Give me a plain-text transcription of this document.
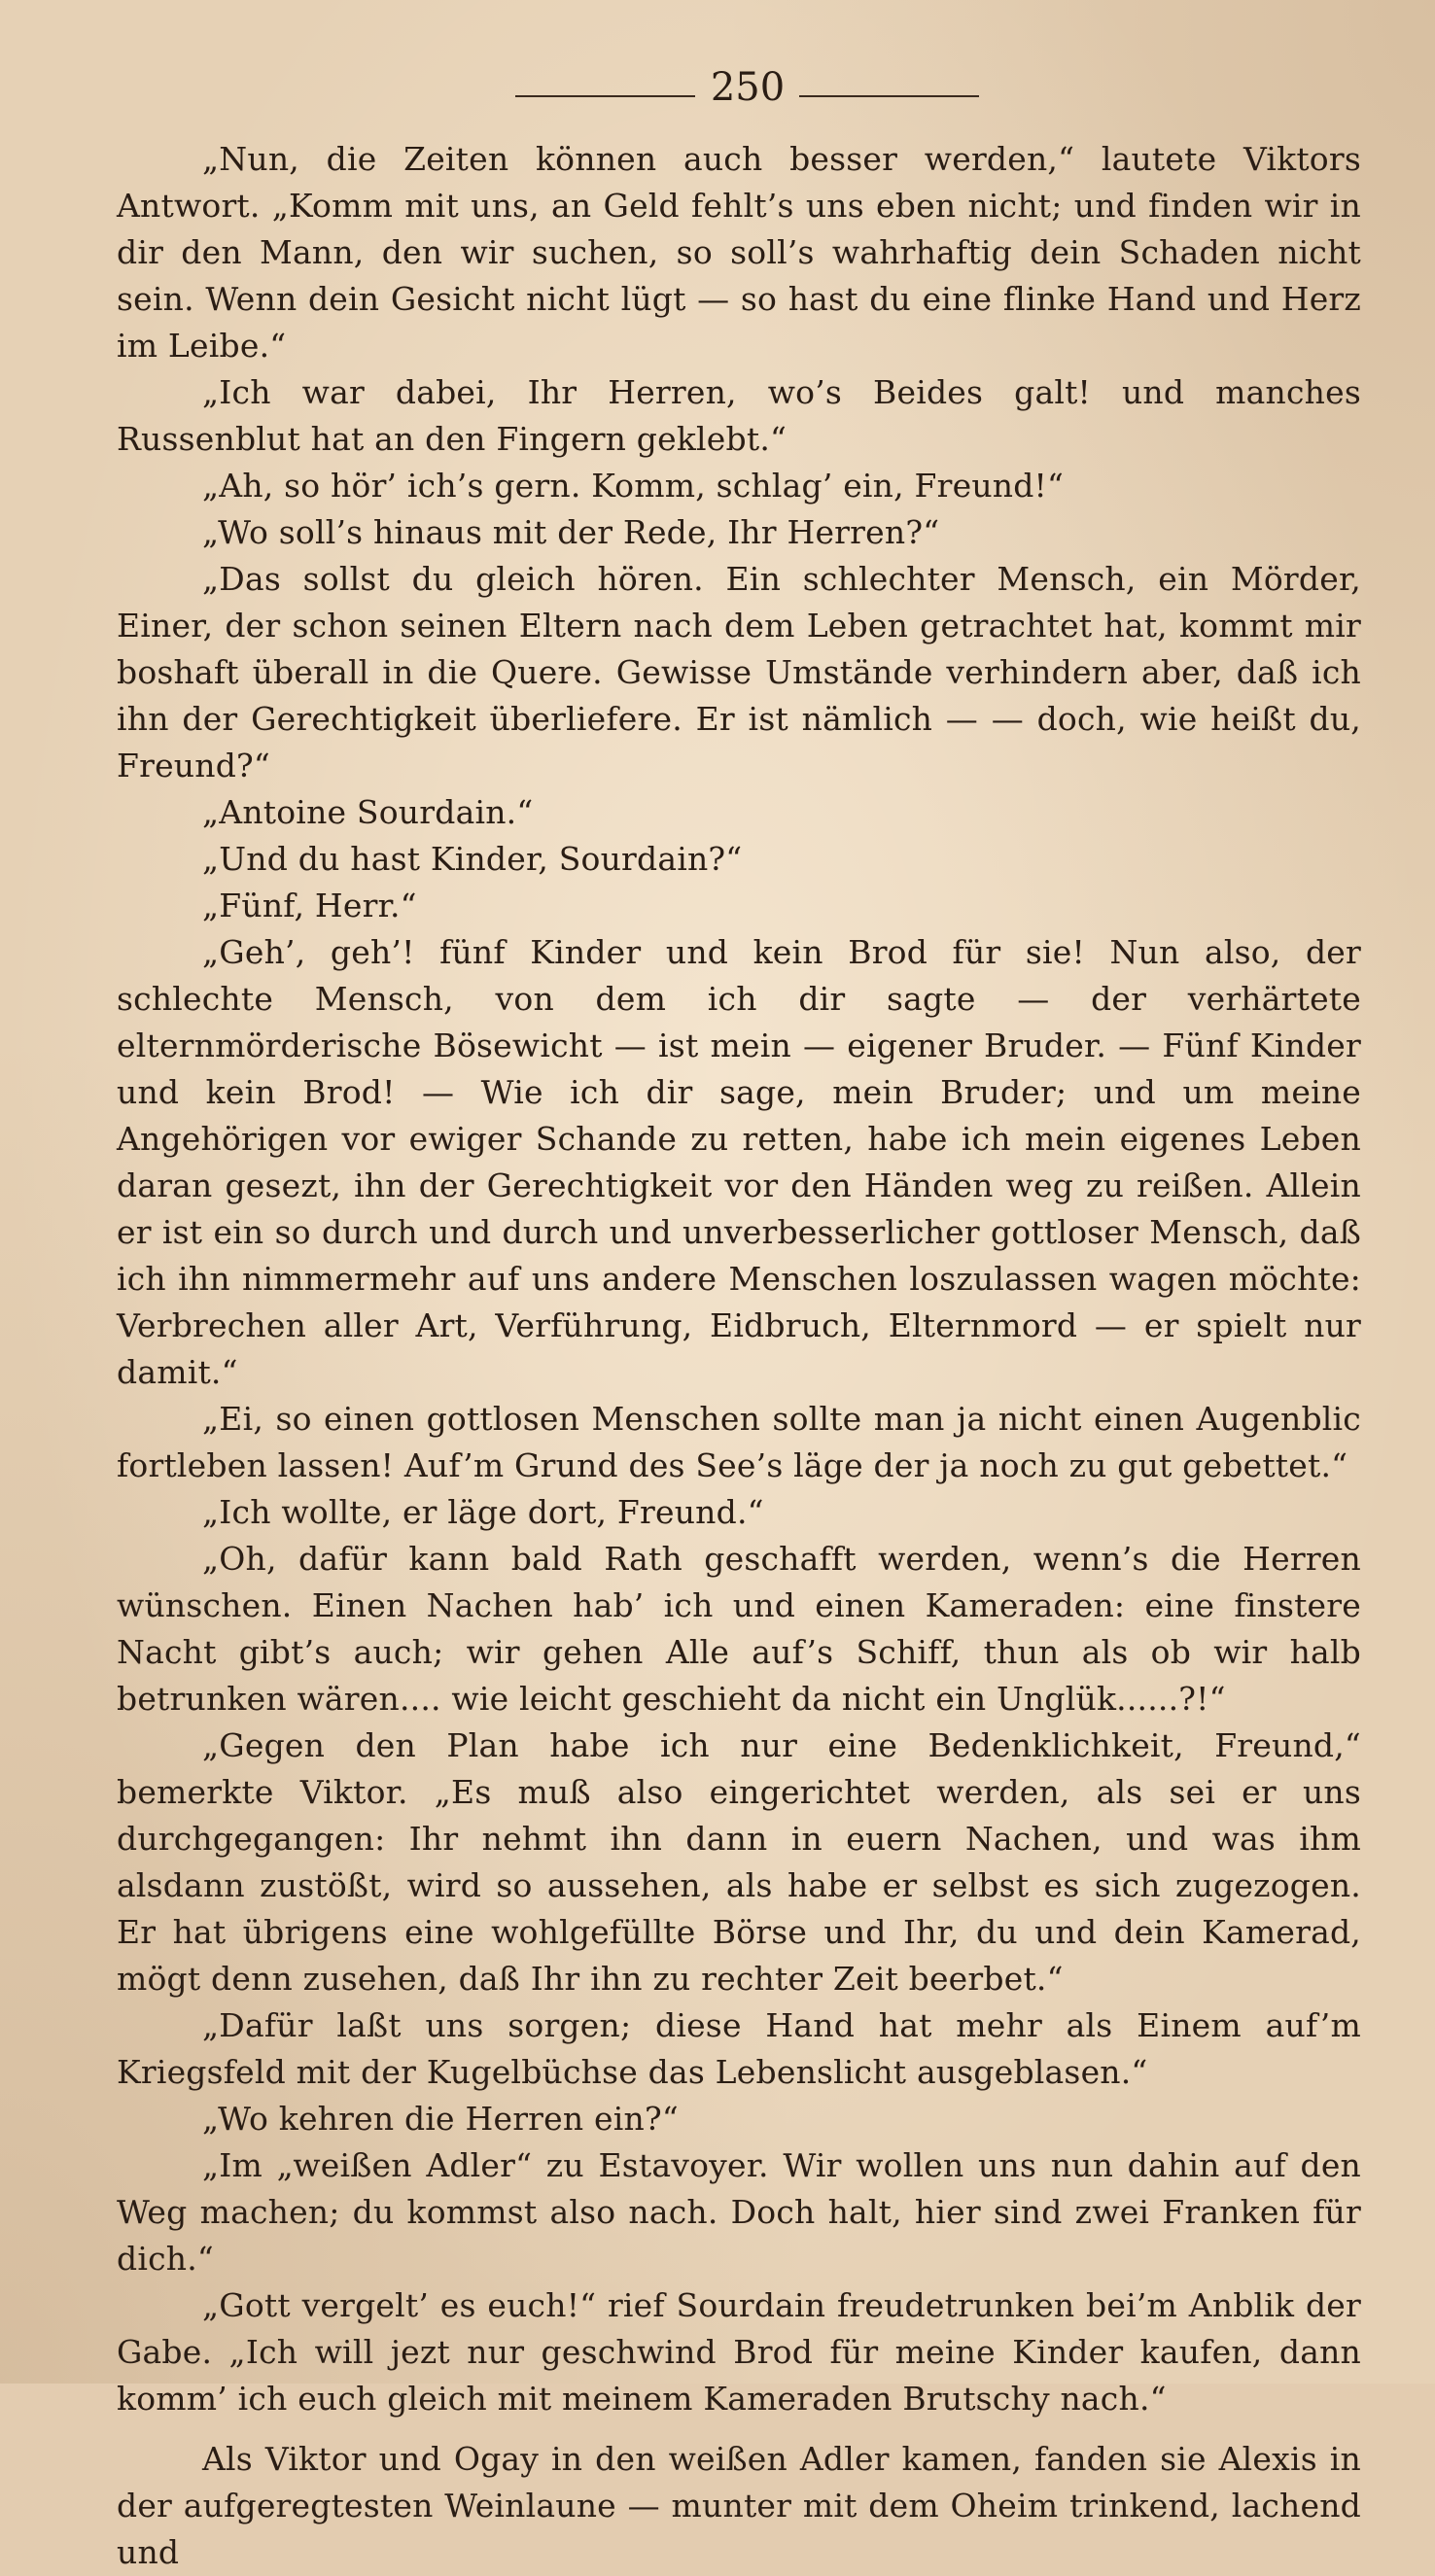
250

„Nun, die Zeiten können auch besser werden,“ lautete Viktors Antwort. „Komm mit uns, an Geld fehlt’s uns eben nicht; und finden wir in dir den Mann, den wir suchen, so soll’s wahrhaftig dein Schaden nicht sein. Wenn dein Gesicht nicht lügt — so hast du eine flinke Hand und Herz im Leibe.“

„Ich war dabei, Ihr Herren, wo’s Beides galt! und manches Russenblut hat an den Fingern geklebt.“

„Ah, so hör’ ich’s gern. Komm, schlag’ ein, Freund!“

„Wo soll’s hinaus mit der Rede, Ihr Herren?“

„Das sollst du gleich hören. Ein schlechter Mensch, ein Mörder, Einer, der schon seinen Eltern nach dem Leben getrachtet hat, kommt mir boshaft überall in die Quere. Gewisse Umstände verhindern aber, daß ich ihn der Gerechtigkeit überliefere. Er ist nämlich — — doch, wie heißt du, Freund?“

„Antoine Sourdain.“

„Und du hast Kinder, Sourdain?“

„Fünf, Herr.“

„Geh’, geh’! fünf Kinder und kein Brod für sie! Nun also, der schlechte Mensch, von dem ich dir sagte — der verhärtete elternmörderische Bösewicht — ist mein — eigener Bruder. — Fünf Kinder und kein Brod! — Wie ich dir sage, mein Bruder; und um meine Angehörigen vor ewiger Schande zu retten, habe ich mein eigenes Leben daran gesezt, ihn der Gerechtigkeit vor den Händen weg zu reißen. Allein er ist ein so durch und durch und unverbesserlicher gottloser Mensch, daß ich ihn nimmermehr auf uns andere Menschen loszulassen wagen möchte: Verbrechen aller Art, Verführung, Eidbruch, Elternmord — er spielt nur damit.“

„Ei, so einen gottlosen Menschen sollte man ja nicht einen Augenblic fortleben lassen! Auf’m Grund des See’s läge der ja noch zu gut gebettet.“

„Ich wollte, er läge dort, Freund.“

„Oh, dafür kann bald Rath geschafft werden, wenn’s die Herren wünschen. Einen Nachen hab’ ich und einen Kameraden: eine finstere Nacht gibt’s auch; wir gehen Alle auf’s Schiff, thun als ob wir halb betrunken wären.... wie leicht geschieht da nicht ein Unglük......?!“

„Gegen den Plan habe ich nur eine Bedenklichkeit, Freund,“ bemerkte Viktor. „Es muß also eingerichtet werden, als sei er uns durchgegangen: Ihr nehmt ihn dann in euern Nachen, und was ihm alsdann zustößt, wird so aussehen, als habe er selbst es sich zugezogen. Er hat übrigens eine wohlgefüllte Börse und Ihr, du und dein Kamerad, mögt denn zusehen, daß Ihr ihn zu rechter Zeit beerbet.“

„Dafür laßt uns sorgen; diese Hand hat mehr als Einem auf’m Kriegsfeld mit der Kugelbüchse das Lebenslicht ausgeblasen.“

„Wo kehren die Herren ein?“

„Im „weißen Adler“ zu Estavoyer. Wir wollen uns nun dahin auf den Weg machen; du kommst also nach. Doch halt, hier sind zwei Franken für dich.“

„Gott vergelt’ es euch!“ rief Sourdain freudetrunken bei’m Anblik der Gabe. „Ich will jezt nur geschwind Brod für meine Kinder kaufen, dann komm’ ich euch gleich mit meinem Kameraden Brutschy nach.“

Als Viktor und Ogay in den weißen Adler kamen, fanden sie Alexis in der aufgeregtesten Weinlaune — munter mit dem Oheim trinkend, lachend und
